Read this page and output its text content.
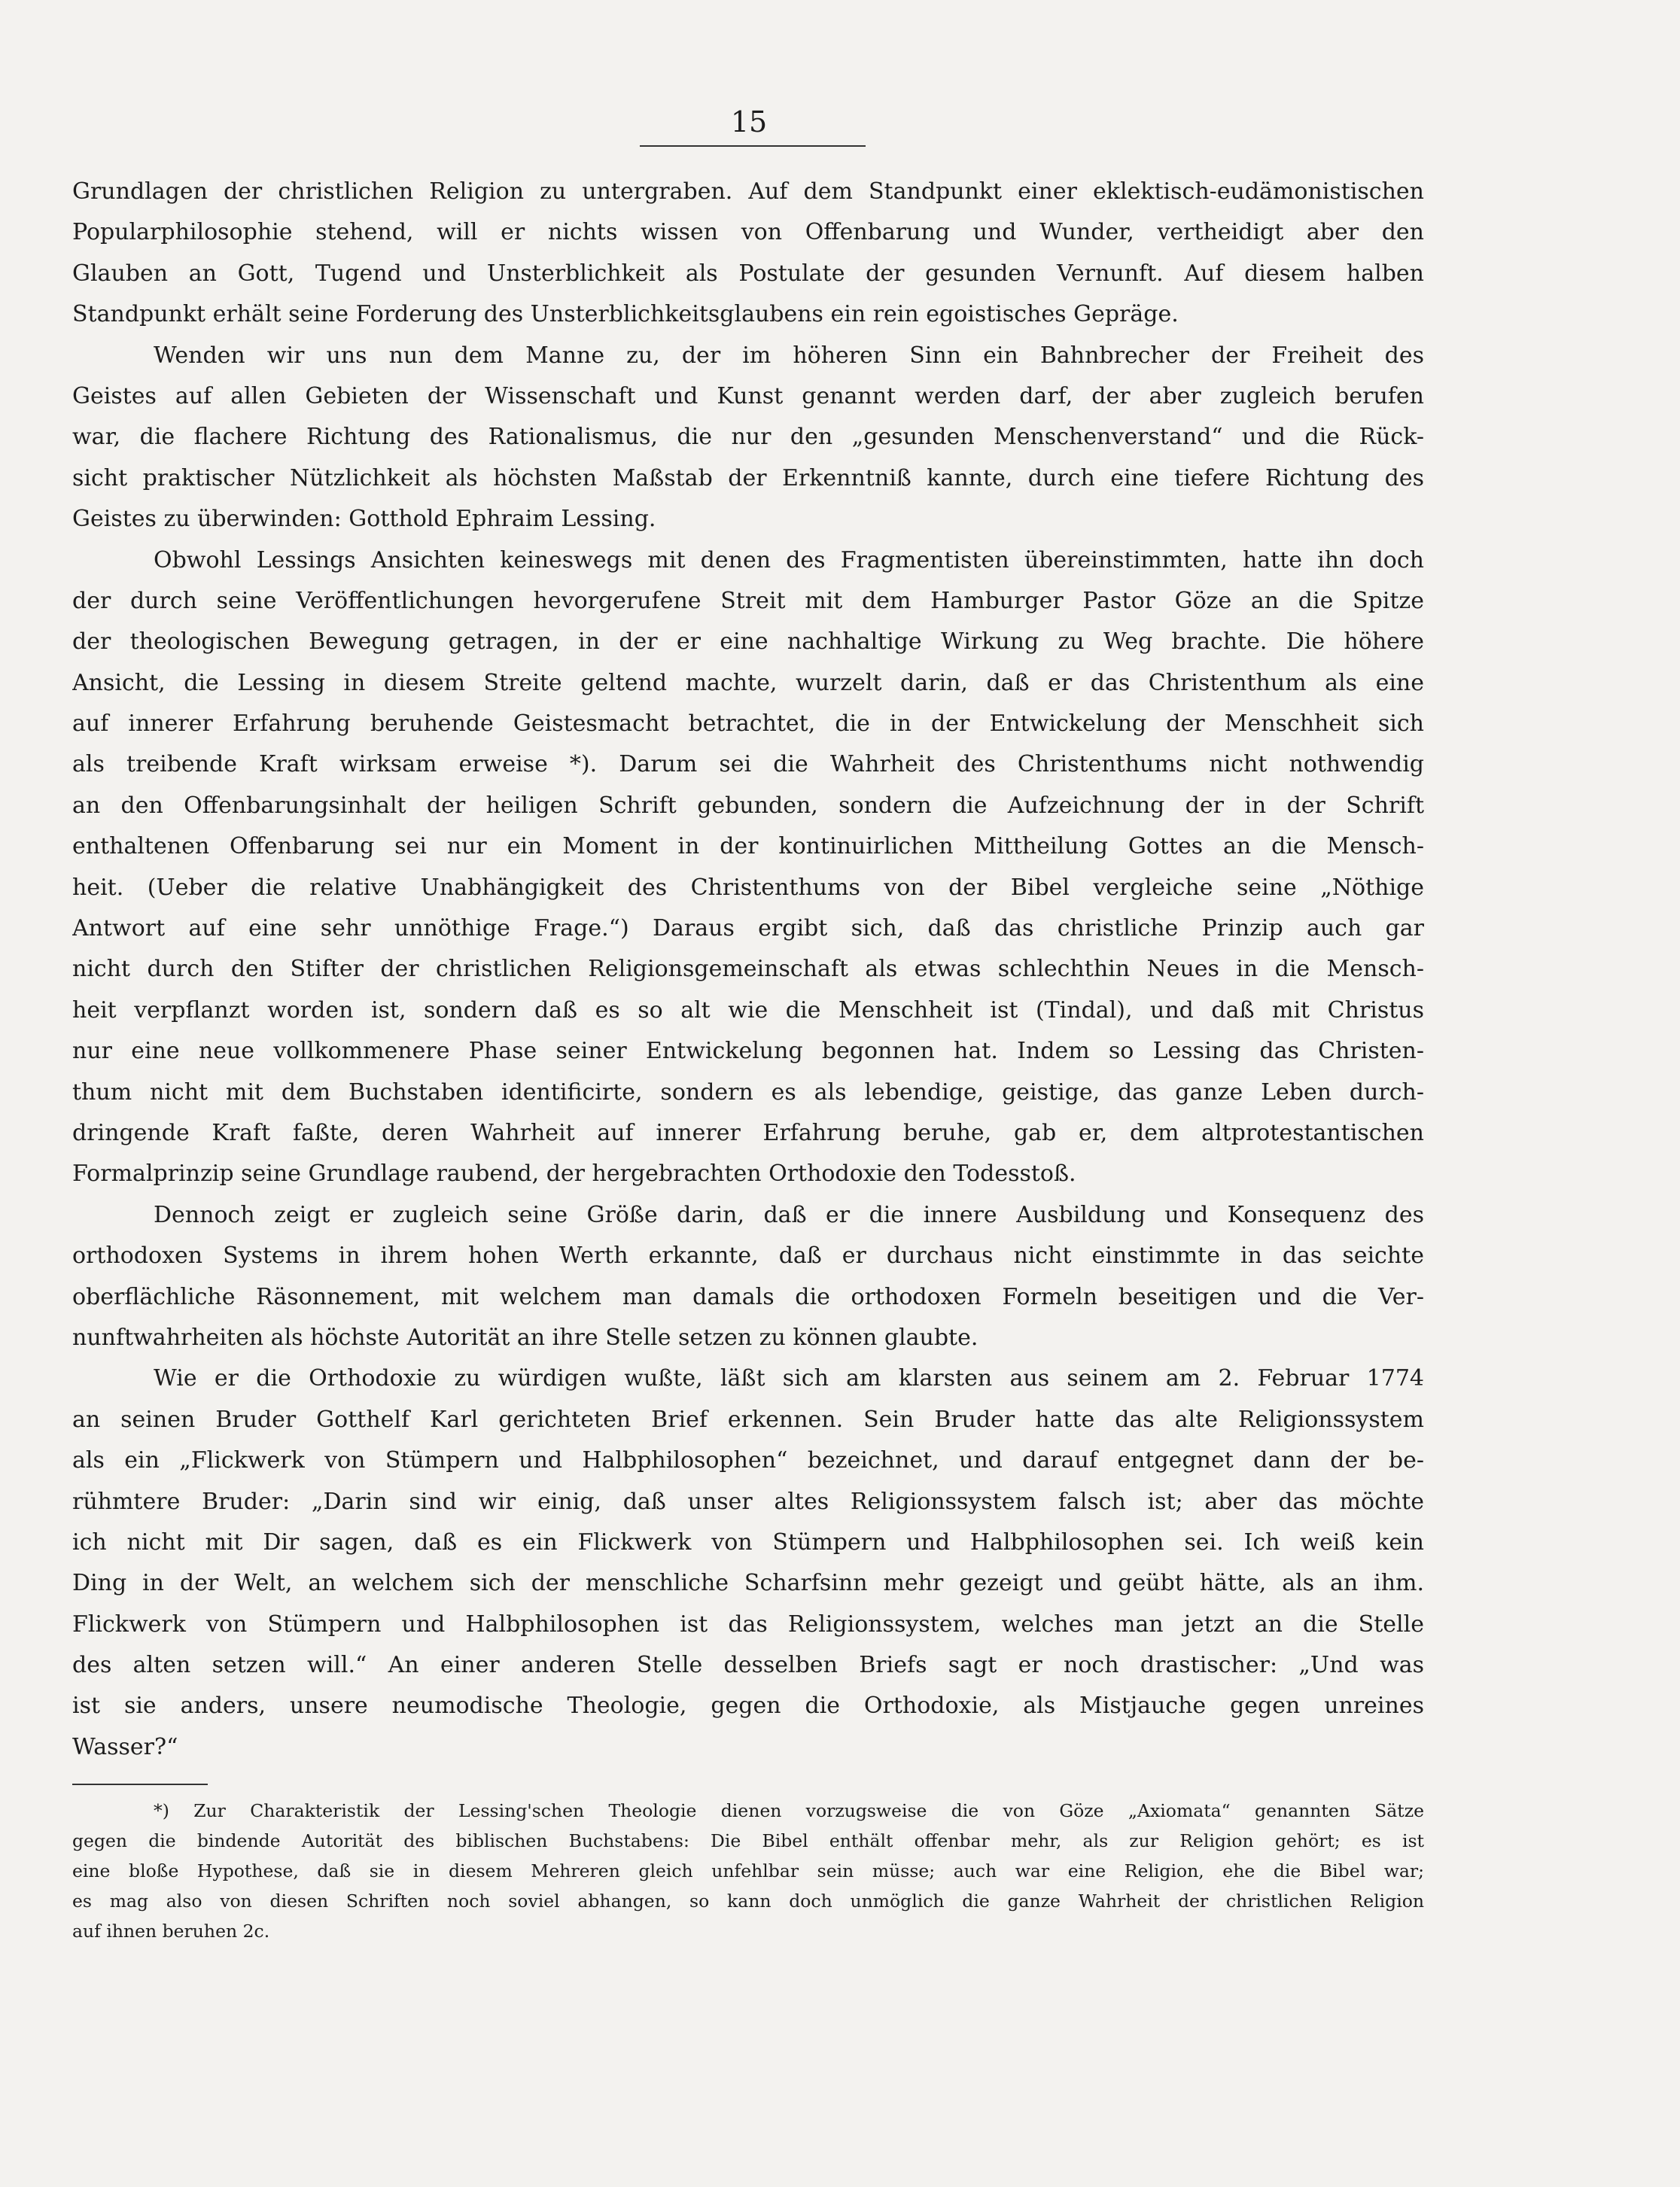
15
Grundlagen der christlichen Religion zu untergraben. Auf dem Standpunkt einer eklektisch-eudämonistischen
Popularphilosophie stehend, will er nichts wissen von Offenbarung und Wunder, vertheidigt aber den
Glauben an Gott, Tugend und Unsterblichkeit als Postulate der gesunden Vernunft. Auf diesem halben
Standpunkt erhält seine Forderung des Unsterblichkeitsglaubens ein rein egoistisches Gepräge.
Wenden wir uns nun dem Manne zu, der im höheren Sinn ein Bahnbrecher der Freiheit des
Geistes auf allen Gebieten der Wissenschaft und Kunst genannt werden darf, der aber zugleich berufen
war, die flachere Richtung des Rationalismus, die nur den „gesunden Menschenverstand“ und die Rück-
sicht praktischer Nützlichkeit als höchsten Maßstab der Erkenntniß kannte, durch eine tiefere Richtung des
Geistes zu überwinden: Gotthold Ephraim Lessing.
Obwohl Lessings Ansichten keineswegs mit denen des Fragmentisten übereinstimmten, hatte ihn doch
der durch seine Veröffentlichungen hevorgerufene Streit mit dem Hamburger Pastor Göze an die Spitze
der theologischen Bewegung getragen, in der er eine nachhaltige Wirkung zu Weg brachte. Die höhere
Ansicht, die Lessing in diesem Streite geltend machte, wurzelt darin, daß er das Christenthum als eine
auf innerer Erfahrung beruhende Geistesmacht betrachtet, die in der Entwickelung der Menschheit sich
als treibende Kraft wirksam erweise *). Darum sei die Wahrheit des Christenthums nicht nothwendig
an den Offenbarungsinhalt der heiligen Schrift gebunden, sondern die Aufzeichnung der in der Schrift
enthaltenen Offenbarung sei nur ein Moment in der kontinuirlichen Mittheilung Gottes an die Mensch-
heit. (Ueber die relative Unabhängigkeit des Christenthums von der Bibel vergleiche seine „Nöthige
Antwort auf eine sehr unnöthige Frage.“) Daraus ergibt sich, daß das christliche Prinzip auch gar
nicht durch den Stifter der christlichen Religionsgemeinschaft als etwas schlechthin Neues in die Mensch-
heit verpflanzt worden ist, sondern daß es so alt wie die Menschheit ist (Tindal), und daß mit Christus
nur eine neue vollkommenere Phase seiner Entwickelung begonnen hat. Indem so Lessing das Christen-
thum nicht mit dem Buchstaben identificirte, sondern es als lebendige, geistige, das ganze Leben durch-
dringende Kraft faßte, deren Wahrheit auf innerer Erfahrung beruhe, gab er, dem altprotestantischen
Formalprinzip seine Grundlage raubend, der hergebrachten Orthodoxie den Todesstoß.
Dennoch zeigt er zugleich seine Größe darin, daß er die innere Ausbildung und Konsequenz des
orthodoxen Systems in ihrem hohen Werth erkannte, daß er durchaus nicht einstimmte in das seichte
oberflächliche Räsonnement, mit welchem man damals die orthodoxen Formeln beseitigen und die Ver-
nunftwahrheiten als höchste Autorität an ihre Stelle setzen zu können glaubte.
Wie er die Orthodoxie zu würdigen wußte, läßt sich am klarsten aus seinem am 2. Februar 1774
an seinen Bruder Gotthelf Karl gerichteten Brief erkennen. Sein Bruder hatte das alte Religionssystem
als ein „Flickwerk von Stümpern und Halbphilosophen“ bezeichnet, und darauf entgegnet dann der be-
rühmtere Bruder: „Darin sind wir einig, daß unser altes Religionssystem falsch ist; aber das möchte
ich nicht mit Dir sagen, daß es ein Flickwerk von Stümpern und Halbphilosophen sei. Ich weiß kein
Ding in der Welt, an welchem sich der menschliche Scharfsinn mehr gezeigt und geübt hätte, als an ihm.
Flickwerk von Stümpern und Halbphilosophen ist das Religionssystem, welches man jetzt an die Stelle
des alten setzen will.“ An einer anderen Stelle desselben Briefs sagt er noch drastischer: „Und was
ist sie anders, unsere neumodische Theologie, gegen die Orthodoxie, als Mistjauche gegen unreines
Wasser?“
*) Zur Charakteristik der Lessing'schen Theologie dienen vorzugsweise die von Göze „Axiomata“ genannten Sätze
gegen die bindende Autorität des biblischen Buchstabens: Die Bibel enthält offenbar mehr, als zur Religion gehört; es ist
eine bloße Hypothese, daß sie in diesem Mehreren gleich unfehlbar sein müsse; auch war eine Religion, ehe die Bibel war;
es mag also von diesen Schriften noch soviel abhangen, so kann doch unmöglich die ganze Wahrheit der christlichen Religion
auf ihnen beruhen 2c.
